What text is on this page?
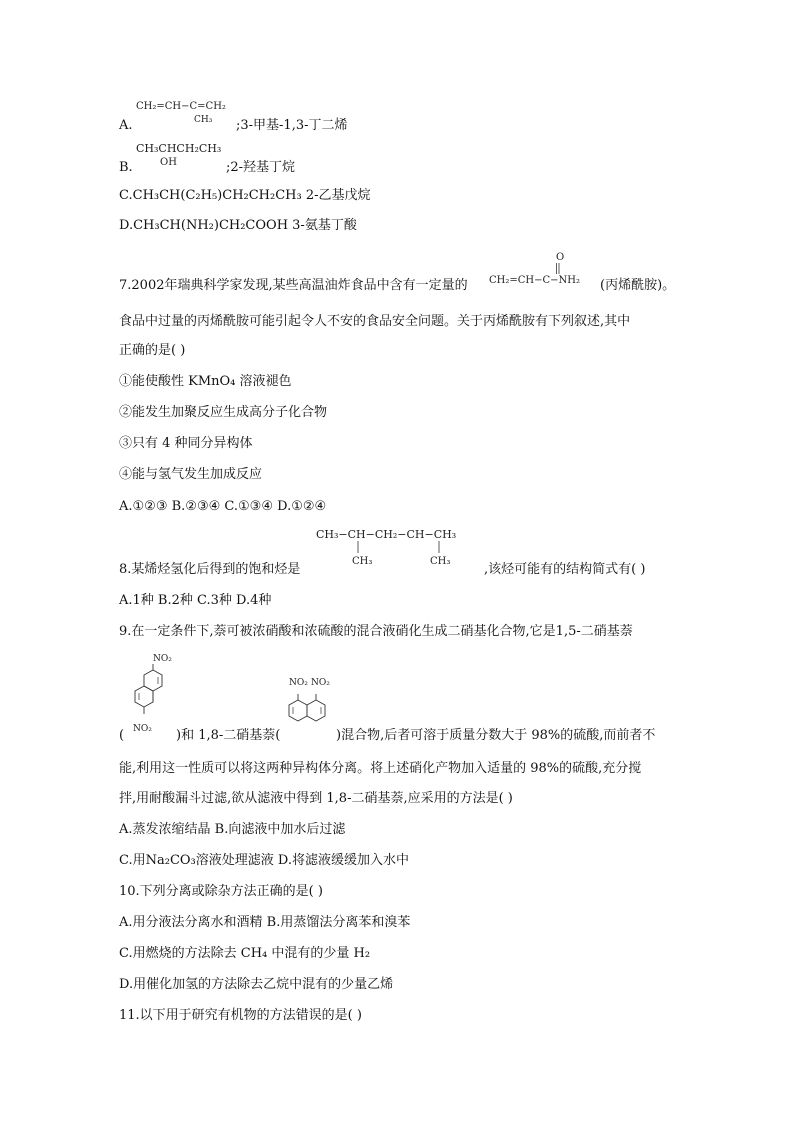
CH₂=CH−C=CH₂
CH₃
A.	;3-甲基-1,3-丁二烯
CH₃CHCH₂CH₃
OH
B.	;2-羟基丁烷
C.CH₃CH(C₂H₅)CH₂CH₂CH₃ 2-乙基戊烷
D.CH₃CH(NH₂)CH₂COOH 3-氨基丁酸
7.2002年瑞典科学家发现,某些高温油炸食品中含有一定量的
O
CH₂=CH−C−NH₂ (丙烯酰胺)。
食品中过量的丙烯酰胺可能引起令人不安的食品安全问题。关于丙烯酰胺有下列叙述,其中
正确的是( )
①能使酸性 KMnO₄ 溶液褪色
②能发生加聚反应生成高分子化合物
③只有 4 种同分异构体
④能与氢气发生加成反应
A.①②③ B.②③④ C.①③④ D.①②④
CH₃−CH−CH₂−CH−CH₃
CH₃	CH₃
8.某烯烃氢化后得到的饱和烃是	,该烃可能有的结构简式有( )
A.1种 B.2种 C.3种 D.4种
9.在一定条件下,萘可被浓硝酸和浓硫酸的混合液硝化生成二硝基化合物,它是1,5-二硝基萘
NO₂
NO₂
(	)和 1,8-二硝基萘(
NO₂ NO₂
)混合物,后者可溶于质量分数大于 98%的硫酸,而前者不
能,利用这一性质可以将这两种异构体分离。将上述硝化产物加入适量的 98%的硫酸,充分搅
拌,用耐酸漏斗过滤,欲从滤液中得到 1,8-二硝基萘,应采用的方法是( )
A.蒸发浓缩结晶 B.向滤液中加水后过滤
C.用Na₂CO₃溶液处理滤液 D.将滤液缓缓加入水中
10.下列分离或除杂方法正确的是( )
A.用分液法分离水和酒精 B.用蒸馏法分离苯和溴苯
C.用燃烧的方法除去 CH₄ 中混有的少量 H₂
D.用催化加氢的方法除去乙烷中混有的少量乙烯
11.以下用于研究有机物的方法错误的是( )
